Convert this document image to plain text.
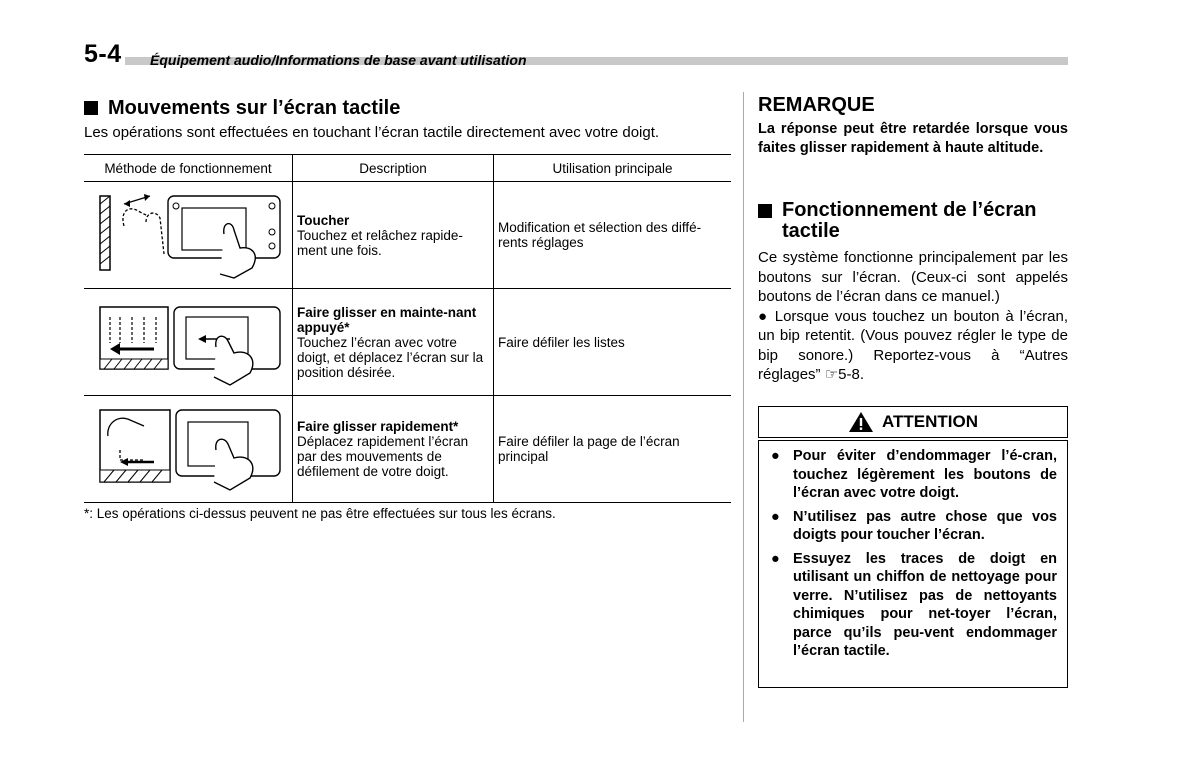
5-4 Équipement audio/Informations de base avant utilisation
Mouvements sur l’écran tactile
Les opérations sont effectuées en touchant l’écran tactile directement avec votre doigt.
Méthode de fonctionnement	Description	Utilisation principale

Toucher
Touchez et relâchez rapide-ment une fois.	Modification et sélection des diffé-rents réglages

Faire glisser en mainte-nant appuyé*
Touchez l’écran avec votre doigt, et déplacez l’écran sur la position désirée.	Faire défiler les listes

Faire glisser rapidement*
Déplacez rapidement l’écran par des mouvements de défilement de votre doigt.	Faire défiler la page de l’écran principal
*: Les opérations ci-dessus peuvent ne pas être effectuées sur tous les écrans.
REMARQUE
La réponse peut être retardée lorsque vous faites glisser rapidement à haute altitude.
Fonctionnement de l’écran tactile

Ce système fonctionne principalement par les boutons sur l’écran. (Ceux-ci sont appelés boutons de l’écran dans ce manuel.)

● Lorsque vous touchez un bouton à l’écran, un bip retentit. (Vous pouvez régler le type de bip sonore.) Reportez-vous à “Autres réglages” ☞5-8.

ATTENTION
● Pour éviter d’endommager l’é-cran, touchez légèrement les boutons de l’écran avec votre doigt.
● N’utilisez pas autre chose que vos doigts pour toucher l’écran.
● Essuyez les traces de doigt en utilisant un chiffon de nettoyage pour verre. N’utilisez pas de nettoyants chimiques pour net-toyer l’écran, parce qu’ils peu-vent endommager l’écran tactile.
